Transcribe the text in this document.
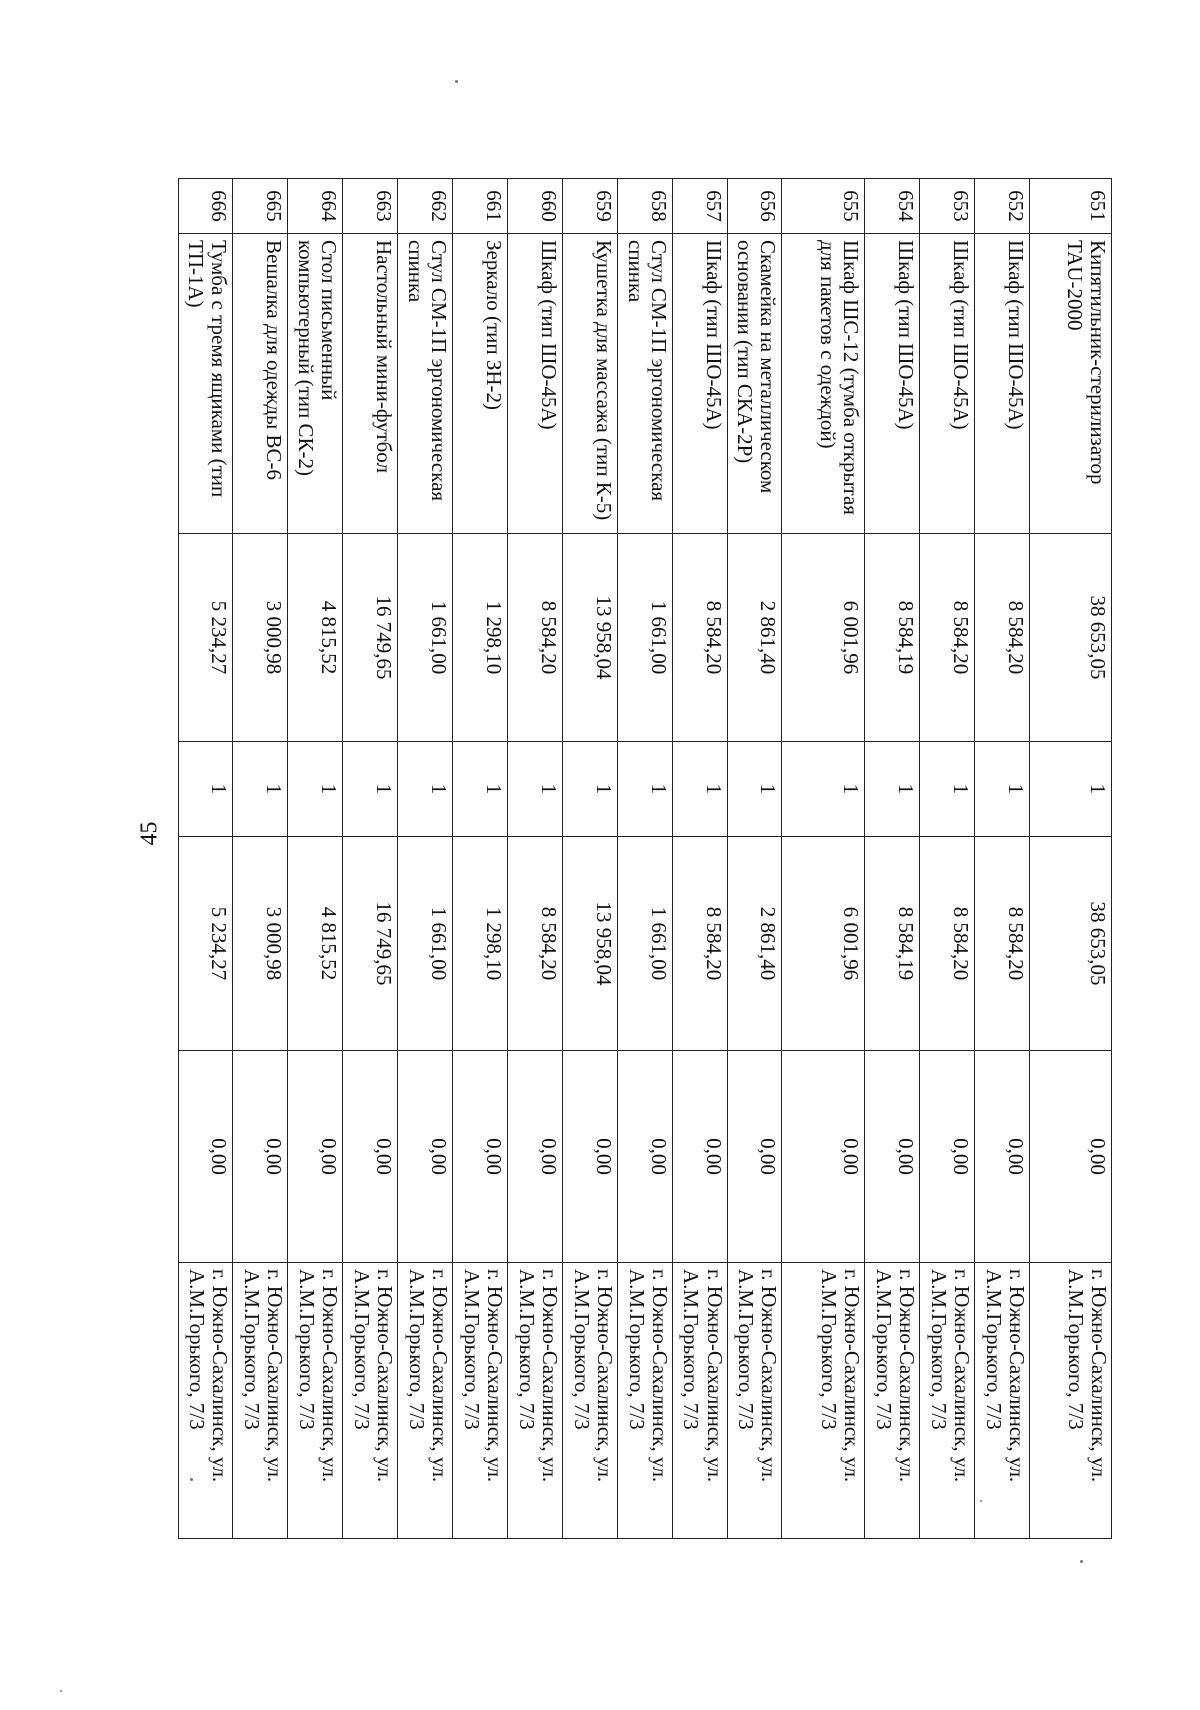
45
651	Кипятильник-стерилизатор TAU-2000	38 653,05	1	38 653,05	0,00	г. Южно-Сахалинск, ул. А.М.Горького, 7/3
652	Шкаф (тип ШО-45А)	8 584,20	1	8 584,20	0,00	г. Южно-Сахалинск, ул. А.М.Горького, 7/3
653	Шкаф (тип ШО-45А)	8 584,20	1	8 584,20	0,00	г. Южно-Сахалинск, ул. А.М.Горького, 7/3
654	Шкаф (тип ШО-45А)	8 584,19	1	8 584,19	0,00	г. Южно-Сахалинск, ул. А.М.Горького, 7/3
655	Шкаф ШС-12 (тумба открытая для пакетов с одеждой)	6 001,96	1	6 001,96	0,00	г. Южно-Сахалинск, ул. А.М.Горького, 7/3
656	Скамейка на металлическом основании (тип СКА-2Р)	2 861,40	1	2 861,40	0,00	г. Южно-Сахалинск, ул. А.М.Горького, 7/3
657	Шкаф (тип ШО-45А)	8 584,20	1	8 584,20	0,00	г. Южно-Сахалинск, ул. А.М.Горького, 7/3
658	Стул СМ-1П эргономическая спинка	1 661,00	1	1 661,00	0,00	г. Южно-Сахалинск, ул. А.М.Горького, 7/3
659	Кушетка для массажа (тип К-5)	13 958,04	1	13 958,04	0,00	г. Южно-Сахалинск, ул. А.М.Горького, 7/3
660	Шкаф (тип ШО-45А)	8 584,20	1	8 584,20	0,00	г. Южно-Сахалинск, ул. А.М.Горького, 7/3
661	Зеркало (тип ЗН-2)	1 298,10	1	1 298,10	0,00	г. Южно-Сахалинск, ул. А.М.Горького, 7/3
662	Стул СМ-1П эргономическая спинка	1 661,00	1	1 661,00	0,00	г. Южно-Сахалинск, ул. А.М.Горького, 7/3
663	Настольный мини-футбол	16 749,65	1	16 749,65	0,00	г. Южно-Сахалинск, ул. А.М.Горького, 7/3
664	Стол письменный компьютерный (тип СК-2)	4 815,52	1	4 815,52	0,00	г. Южно-Сахалинск, ул. А.М.Горького, 7/3
665	Вешалка для одежды ВС-6	3 000,98	1	3 000,98	0,00	г. Южно-Сахалинск, ул. А.М.Горького, 7/3
666	Тумба с тремя ящиками (тип ТП-1А)	5 234,27	1	5 234,27	0,00	г. Южно-Сахалинск, ул. А.М.Горького, 7/3
